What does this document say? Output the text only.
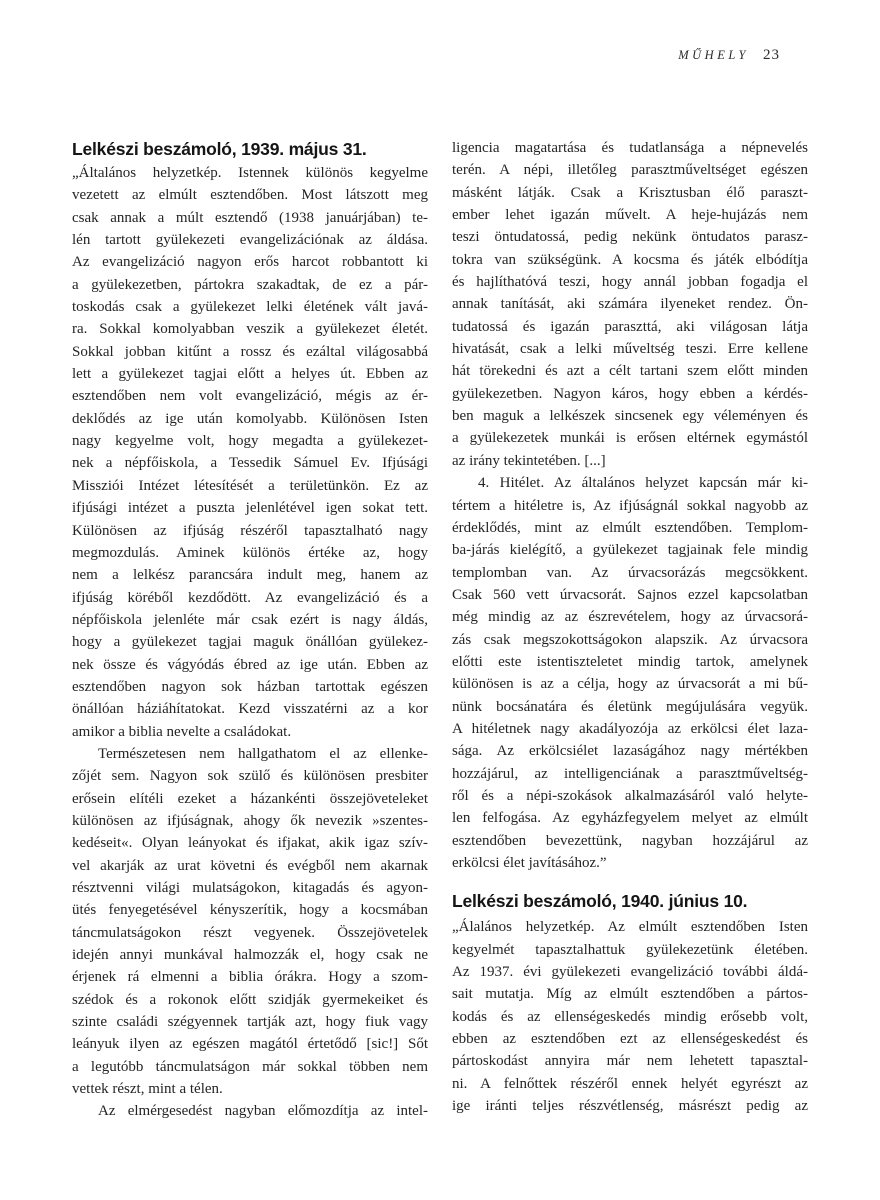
MŰHELY 23
Lelkészi beszámoló, 1939. május 31.
„Általános helyzetkép. Istennek különös kegyelme
vezetett az elmúlt esztendőben. Most látszott meg
csak annak a múlt esztendő (1938 januárjában) te-
lén tartott gyülekezeti evangelizációnak az áldása.
Az evangelizáció nagyon erős harcot robbantott ki
a gyülekezetben, pártokra szakadtak, de ez a pár-
toskodás csak a gyülekezet lelki életének vált javá-
ra. Sokkal komolyabban veszik a gyülekezet életét.
Sokkal jobban kitűnt a rossz és ezáltal világosabbá
lett a gyülekezet tagjai előtt a helyes út. Ebben az
esztendőben nem volt evangelizáció, mégis az ér-
deklődés az ige után komolyabb. Különösen Isten
nagy kegyelme volt, hogy megadta a gyülekezet-
nek a népfőiskola, a Tessedik Sámuel Ev. Ifjúsági
Missziói Intézet létesítését a területünkön. Ez az
ifjúsági intézet a puszta jelenlétével igen sokat tett.
Különösen az ifjúság részéről tapasztalható nagy
megmozdulás. Aminek különös értéke az, hogy
nem a lelkész parancsára indult meg, hanem az
ifjúság köréből kezdődött. Az evangelizáció és a
népfőiskola jelenléte már csak ezért is nagy áldás,
hogy a gyülekezet tagjai maguk önállóan gyülekez-
nek össze és vágyódás ébred az ige után. Ebben az
esztendőben nagyon sok házban tartottak egészen
önállóan háziáhítatokat. Kezd visszatérni az a kor
amikor a biblia nevelte a családokat.
Természetesen nem hallgathatom el az ellenke-
zőjét sem. Nagyon sok szülő és különösen presbiter
erősein elítéli ezeket a házankénti összejöveteleket
különösen az ifjúságnak, ahogy ők nevezik »szentes-
kedéseit«. Olyan leányokat és ifjakat, akik igaz szív-
vel akarják az urat követni és evégből nem akarnak
résztvenni világi mulatságokon, kitagadás és agyon-
ütés fenyegetésével kényszerítik, hogy a kocsmában
táncmulatságokon részt vegyenek. Összejövetelek
idején annyi munkával halmozzák el, hogy csak ne
érjenek rá elmenni a biblia órákra. Hogy a szom-
szédok és a rokonok előtt szidják gyermekeiket és
szinte családi szégyennek tartják azt, hogy fiuk vagy
leányuk ilyen az egészen magától értetődő [sic!] Sőt
a legutóbb táncmulatságon már sokkal többen nem
vettek részt, mint a télen.
Az elmérgesedést nagyban előmozdítja az intel-
ligencia magatartása és tudatlansága a népnevelés
terén. A népi, illetőleg parasztműveltséget egészen
másként látják. Csak a Krisztusban élő paraszt-
ember lehet igazán művelt. A heje-hujázás nem
teszi öntudatossá, pedig nekünk öntudatos parasz-
tokra van szükségünk. A kocsma és játék elbódítja
és hajlíthatóvá teszi, hogy annál jobban fogadja el
annak tanítását, aki számára ilyeneket rendez. Ön-
tudatossá és igazán paraszttá, aki világosan látja
hivatását, csak a lelki műveltség teszi. Erre kellene
hát törekedni és azt a célt tartani szem előtt minden
gyülekezetben. Nagyon káros, hogy ebben a kérdés-
ben maguk a lelkészek sincsenek egy véleményen és
a gyülekezetek munkái is erősen eltérnek egymástól
az irány tekintetében. [...]
4. Hitélet. Az általános helyzet kapcsán már ki-
tértem a hitéletre is, Az ifjúságnál sokkal nagyobb az
érdeklődés, mint az elmúlt esztendőben. Templom-
ba-járás kielégítő, a gyülekezet tagjainak fele mindig
templomban van. Az úrvacsorázás megcsökkent.
Csak 560 vett úrvacsorát. Sajnos ezzel kapcsolatban
még mindig az az észrevételem, hogy az úrvacsorá-
zás csak megszokottságokon alapszik. Az úrvacsora
előtti este istentiszteletet mindig tartok, amelynek
különösen is az a célja, hogy az úrvacsorát a mi bű-
nünk bocsánatára és életünk megújulására vegyük.
A hitéletnek nagy akadályozója az erkölcsi élet laza-
sága. Az erkölcsiélet lazaságához nagy mértékben
hozzájárul, az intelligenciának a parasztműveltség-
ről és a népi-szokások alkalmazásáról való helyte-
len felfogása. Az egyházfegyelem melyet az elmúlt
esztendőben bevezettünk, nagyban hozzájárul az
erkölcsi élet javításához.”
Lelkészi beszámoló, 1940. június 10.
„Álalános helyzetkép. Az elmúlt esztendőben Isten
kegyelmét tapasztalhattuk gyülekezetünk életében.
Az 1937. évi gyülekezeti evangelizáció további áldá-
sait mutatja. Míg az elmúlt esztendőben a pártos-
kodás és az ellenségeskedés mindig erősebb volt,
ebben az esztendőben ezt az ellenségeskedést és
pártoskodást annyira már nem lehetett tapasztal-
ni. A felnőttek részéről ennek helyét egyrészt az
ige iránti teljes részvétlenség, másrészt pedig az
